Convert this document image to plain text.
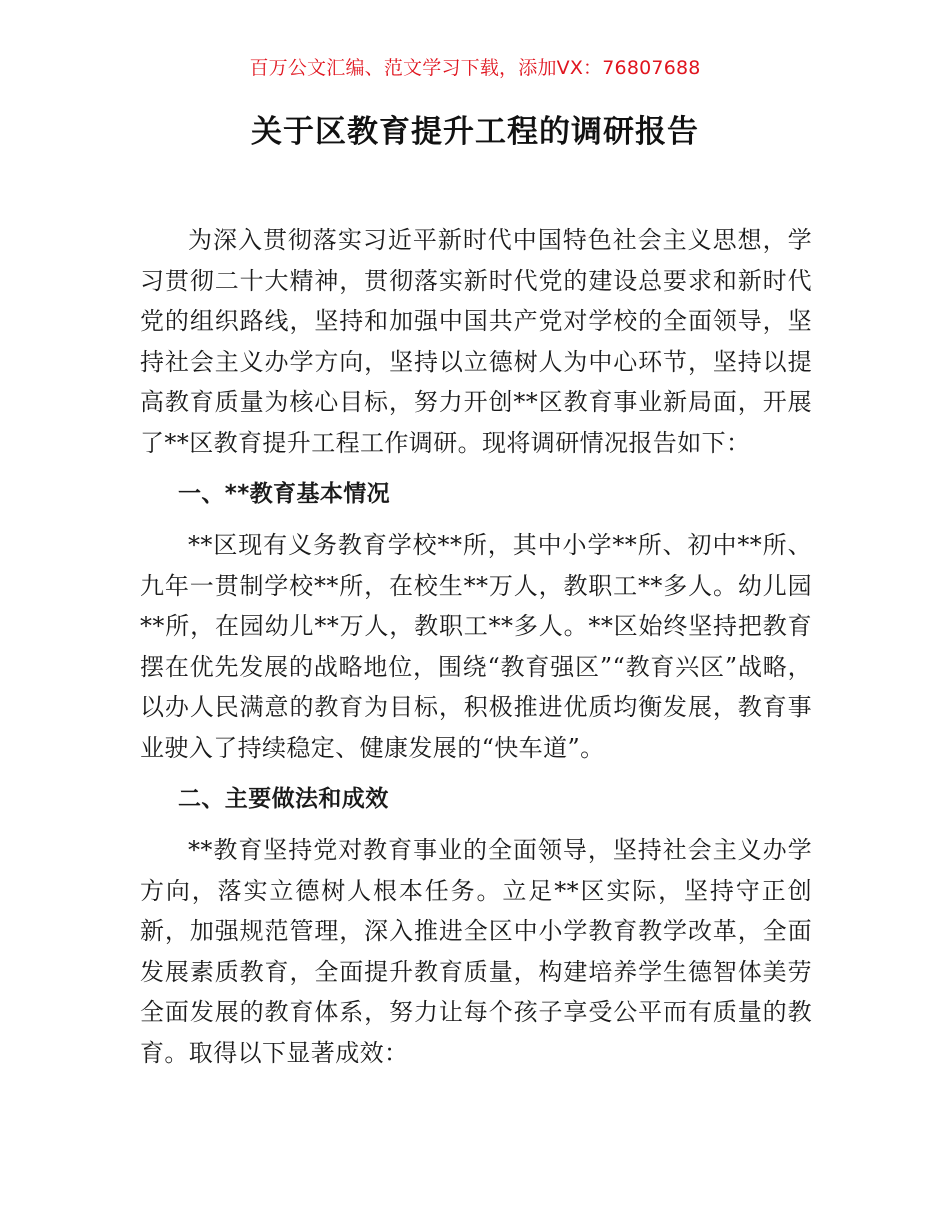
百万公文汇编、范文学习下载，添加VX：76807688
关于区教育提升工程的调研报告

为深入贯彻落实习近平新时代中国特色社会主义思想，学习贯彻二十大精神，贯彻落实新时代党的建设总要求和新时代党的组织路线，坚持和加强中国共产党对学校的全面领导，坚持社会主义办学方向，坚持以立德树人为中心环节，坚持以提高教育质量为核心目标，努力开创**区教育事业新局面，开展了**区教育提升工程工作调研。现将调研情况报告如下：

一、**教育基本情况

**区现有义务教育学校**所，其中小学**所、初中**所、九年一贯制学校**所，在校生**万人，教职工**多人。幼儿园**所，在园幼儿**万人，教职工**多人。**区始终坚持把教育摆在优先发展的战略地位，围绕“教育强区”“教育兴区”战略，以办人民满意的教育为目标，积极推进优质均衡发展，教育事业驶入了持续稳定、健康发展的“快车道”。

二、主要做法和成效

**教育坚持党对教育事业的全面领导，坚持社会主义办学方向，落实立德树人根本任务。立足**区实际，坚持守正创新，加强规范管理，深入推进全区中小学教育教学改革，全面发展素质教育，全面提升教育质量，构建培养学生德智体美劳全面发展的教育体系，努力让每个孩子享受公平而有质量的教育。取得以下显著成效：
